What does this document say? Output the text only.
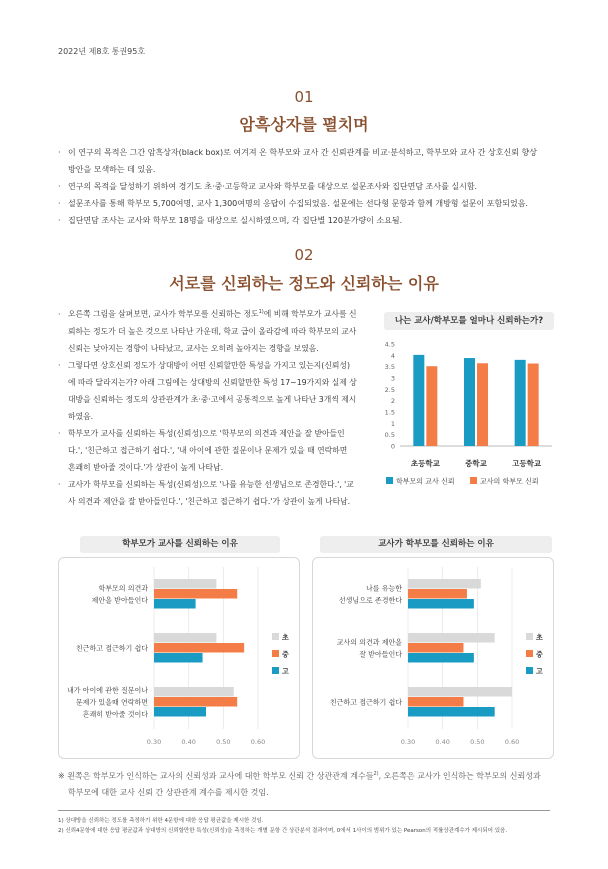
2022년 제8호 통권95호
01
암흑상자를 펼치며

· 이 연구의 목적은 그간 암흑상자(black box)로 여겨져 온 학부모와 교사 간 신뢰관계를 비교·분석하고, 학부모와 교사 간 상호신뢰 향상
방안을 모색하는 데 있음.

· 연구의 목적을 달성하기 위하여 경기도 초·중·고등학교 교사와 학부모를 대상으로 설문조사와 집단면담 조사를 실시함.

· 설문조사를 통해 학부모 5,700여명, 교사 1,300여명의 응답이 수집되었음. 설문에는 선다형 문항과 함께 개방형 설문이 포함되었음.

· 집단면담 조사는 교사와 학부모 18명을 대상으로 실시하였으며, 각 집단별 120분가량이 소요됨.

02
서로를 신뢰하는 정도와 신뢰하는 이유

· 오른쪽 그림을 살펴보면, 교사가 학부모를 신뢰하는 정도$^{1)}$에 비해 학부모가 교사를 신
뢰하는 정도가 더 높은 것으로 나타난 가운데, 학교 급이 올라감에 따라 학부모의 교사
신뢰는 낮아지는 경향이 나타났고, 교사는 오히려 높아지는 경향을 보였음.

· 그렇다면 상호신뢰 정도가 상대방이 어떤 신뢰할만한 특성을 가지고 있는지(신뢰성)
에 따라 달라지는가? 아래 그림에는 상대방의 신뢰할만한 특성 17~19가지와 실제 상
대방을 신뢰하는 정도의 상관관계가 초·중·고에서 공통적으로 높게 나타난 3개씩 제시
하였음.

· 학부모가 교사를 신뢰하는 특성(신뢰성)으로 '학부모의 의견과 제안을 잘 받아들인
다.', '친근하고 접근하기 쉽다.', '내 아이에 관한 질문이나 문제가 있을 때 연락하면
흔쾌히 받아줄 것이다.'가 상관이 높게 나타남.

· 교사가 학부모를 신뢰하는 특성(신뢰성)으로 '나를 유능한 선생님으로 존경한다.', '교
사 의견과 제안을 잘 받아들인다.', '친근하고 접근하기 쉽다.'가 상관이 높게 나타남.

나는 교사/학부모를 얼마나 신뢰하는가?
0
0.5
1
1.5
2
2.5
3
3.5
4
4.5
초등학교	중학교	고등학교
학부모의 교사 신뢰	교사의 학부모 신뢰
학부모가 교사를 신뢰하는 이유
0.30	0.40	0.50	0.60
학부모의 의견과
제안을 받아들인다
친근하고 접근하기 쉽다
내가 아이에 관한 질문이나
문제가 있을때 연락하면
흔쾌히 받아줄 것이다
초
중
고
교사가 학부모를 신뢰하는 이유
0.30	0.40	0.50	0.60
나를 유능한
선생님으로 존경한다
교사의 의견과 제안을
잘 받아들인다
친근하고 접근하기 쉽다
초
중
고
※ 왼쪽은 학부모가 인식하는 교사의 신뢰성과 교사에 대한 학부모 신뢰 간 상관관계 계수들$^{2)}$, 오른쪽은 교사가 인식하는 학부모의 신뢰성과
학부모에 대한 교사 신뢰 간 상관관계 계수를 제시한 것임.
1) 상대방을 신뢰하는 정도를 측정하기 위한 4문항에 대한 응답 평균값을 제시한 것임.
2) 신뢰4문항에 대한 응답 평균값과 상대방의 신뢰할만한 특성(신뢰성)을 측정하는 개별 문항 간 상관분석 결과이며, 0에서 1사이의 범위가 있는 Pearson의 적률상관계수가 제시되어 있음.
